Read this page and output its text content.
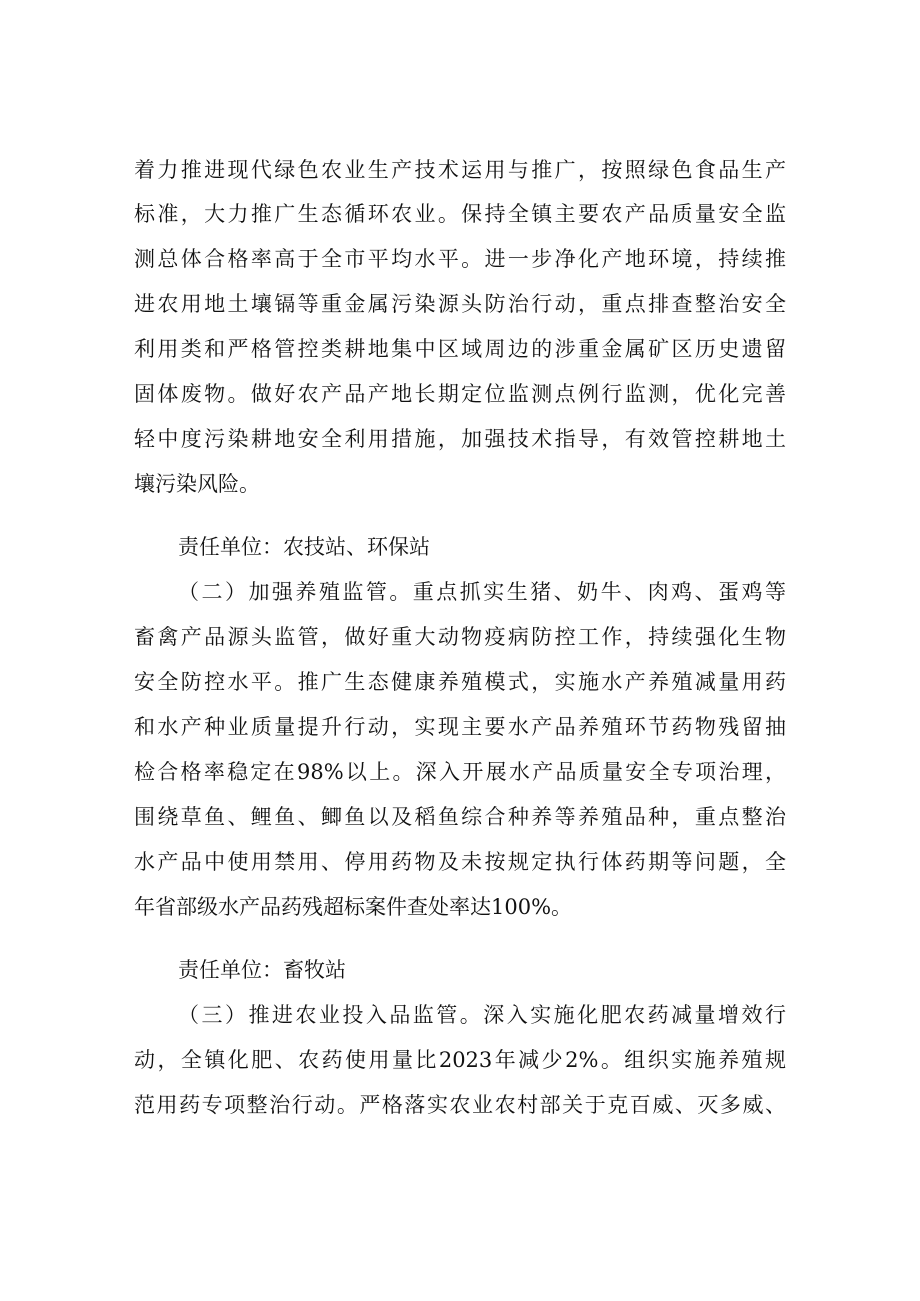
着力推进现代绿色农业生产技术运用与推广，按照绿色食品生产
标准，大力推广生态循环农业。保持全镇主要农产品质量安全监
测总体合格率高于全市平均水平。进一步净化产地环境，持续推
进农用地土壤镉等重金属污染源头防治行动，重点排查整治安全
利用类和严格管控类耕地集中区域周边的涉重金属矿区历史遗留
固体废物。做好农产品产地长期定位监测点例行监测，优化完善
轻中度污染耕地安全利用措施，加强技术指导，有效管控耕地土
壤污染风险。
责任单位：农技站、环保站
（二）加强养殖监管。重点抓实生猪、奶牛、肉鸡、蛋鸡等
畜禽产品源头监管，做好重大动物疫病防控工作，持续强化生物
安全防控水平。推广生态健康养殖模式，实施水产养殖减量用药
和水产种业质量提升行动，实现主要水产品养殖环节药物残留抽
检合格率稳定在98%以上。深入开展水产品质量安全专项治理，
围绕草鱼、鲤鱼、鲫鱼以及稻鱼综合种养等养殖品种，重点整治
水产品中使用禁用、停用药物及未按规定执行体药期等问题，全
年省部级水产品药残超标案件查处率达100%。
责任单位：畜牧站
（三）推进农业投入品监管。深入实施化肥农药减量增效行
动，全镇化肥、农药使用量比2023年减少2%。组织实施养殖规
范用药专项整治行动。严格落实农业农村部关于克百威、灭多威、
